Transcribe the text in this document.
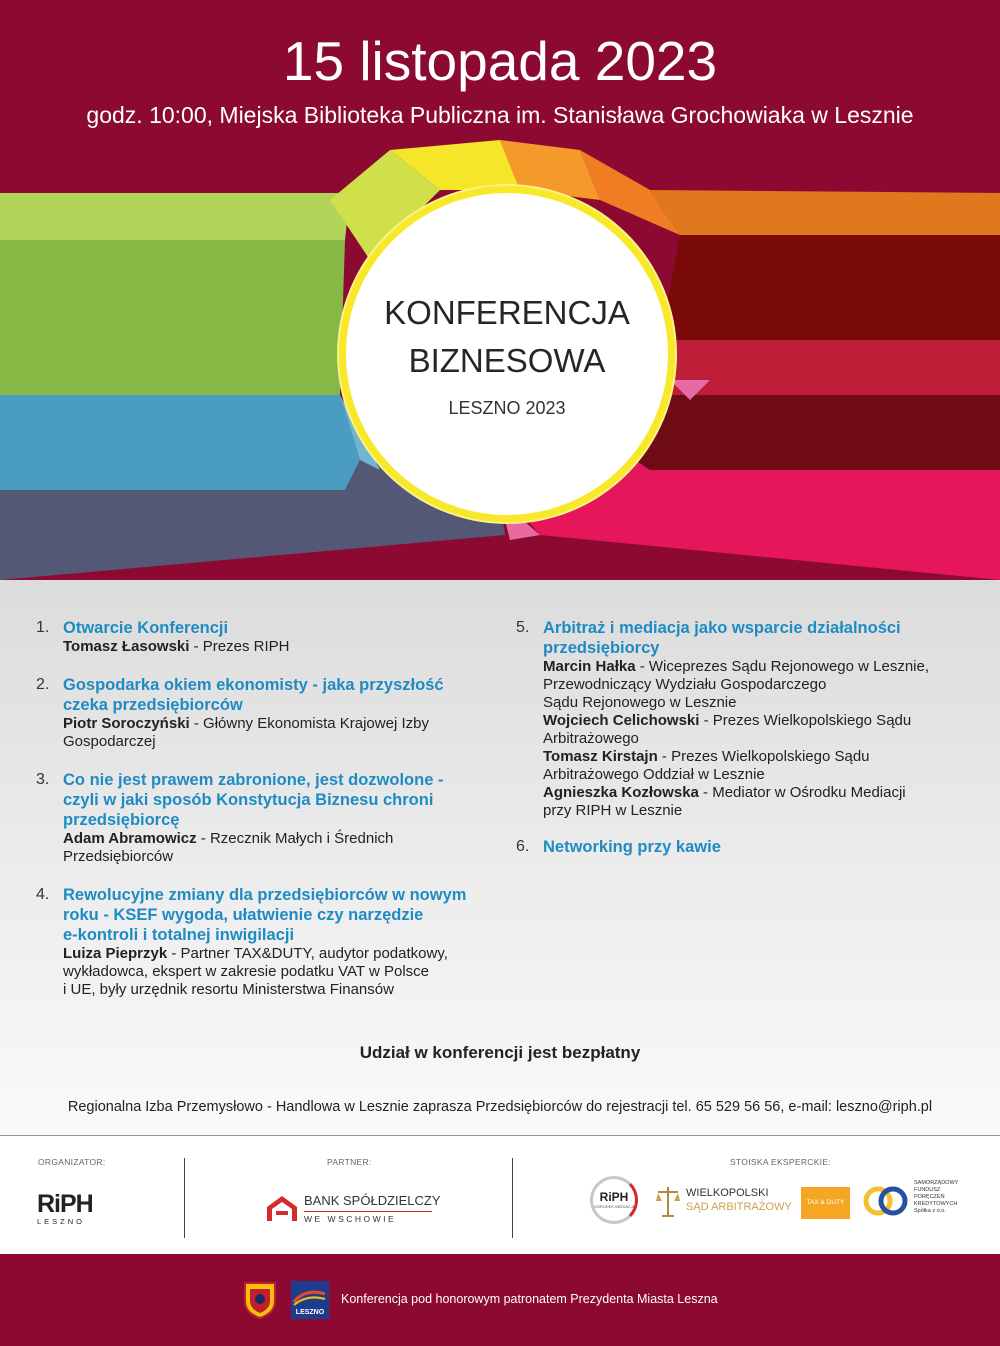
15 listopada 2023
godz. 10:00, Miejska Biblioteka Publiczna im. Stanisława Grochowiaka w Lesznie
KONFERENCJA
BIZNESOWA
LESZNO 2023
1. Otwarcie Konferencji
Tomasz Łasowski - Prezes RIPH
2. Gospodarka okiem ekonomisty - jaka przyszłość
czeka przedsiębiorców
Piotr Soroczyński - Główny Ekonomista Krajowej Izby
Gospodarczej
3. Co nie jest prawem zabronione, jest dozwolone -
czyli w jaki sposób Konstytucja Biznesu chroni
przedsiębiorcę
Adam Abramowicz - Rzecznik Małych i Średnich
Przedsiębiorców
4. Rewolucyjne zmiany dla przedsiębiorców w nowym
roku - KSEF wygoda, ułatwienie czy narzędzie
e-kontroli i totalnej inwigilacji
Luiza Pieprzyk - Partner TAX&DUTY, audytor podatkowy,
wykładowca, ekspert w zakresie podatku VAT w Polsce
i UE, były urzędnik resortu Ministerstwa Finansów
5. Arbitraż i mediacja jako wsparcie działalności
przedsiębiorcy
Marcin Hałka - Wiceprezes Sądu Rejonowego w Lesznie,
Przewodniczący Wydziału Gospodarczego
Sądu Rejonowego w Lesznie
Wojciech Celichowski - Prezes Wielkopolskiego Sądu
Arbitrażowego
Tomasz Kirstajn - Prezes Wielkopolskiego Sądu
Arbitrażowego Oddział w Lesznie
Agnieszka Kozłowska - Mediator w Ośrodku Mediacji
przy RIPH w Lesznie
6. Networking przy kawie
Udział w konferencji jest bezpłatny
Regionalna Izba Przemysłowo - Handlowa w Lesznie zaprasza Przedsiębiorców do rejestracji tel. 65 529 56 56, e-mail: leszno@riph.pl
ORGANIZATOR:	PARTNER:	STOISKA EKSPERCKIE:
RiPH
LESZNO
BANK SPÓŁDZIELCZY
WE WSCHOWIE
RiPH
OŚRODEK MEDIACJI
WIELKOPOLSKI
SĄD ARBITRAŻOWY	TAX & DUTY
SAMORZĄDOWY
FUNDUSZ
PORĘCZEŃ
KREDYTOWYCH
Spółka z o.o.
LESZNO
Konferencja pod honorowym patronatem Prezydenta Miasta Leszna
